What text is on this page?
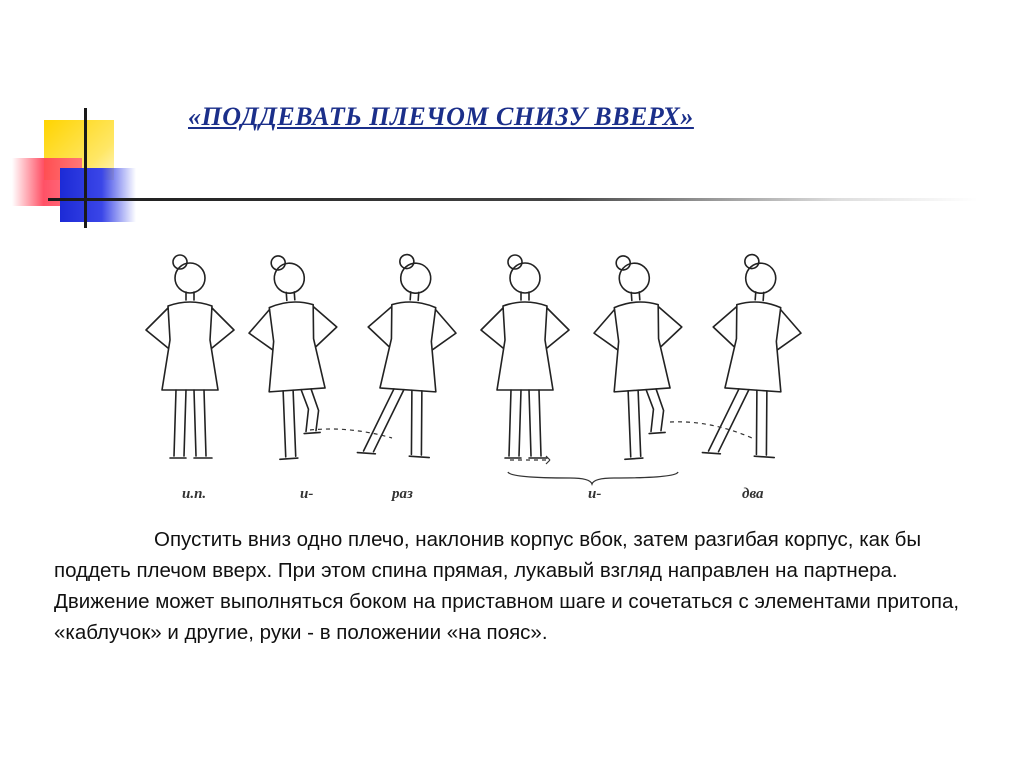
«ПОДДЕВАТЬ ПЛЕЧОМ СНИЗУ ВВЕРХ»
и.п.	и-	раз	и-	два

Опустить вниз одно плечо, наклонив корпус вбок, затем разгибая корпус, как бы поддеть плечом вверх. При этом спина прямая, лукавый взгляд направлен на партнера. Движение может выполняться боком на приставном шаге и сочетаться с элементами притопа, «каблучок» и другие, руки - в положении «на пояс».
